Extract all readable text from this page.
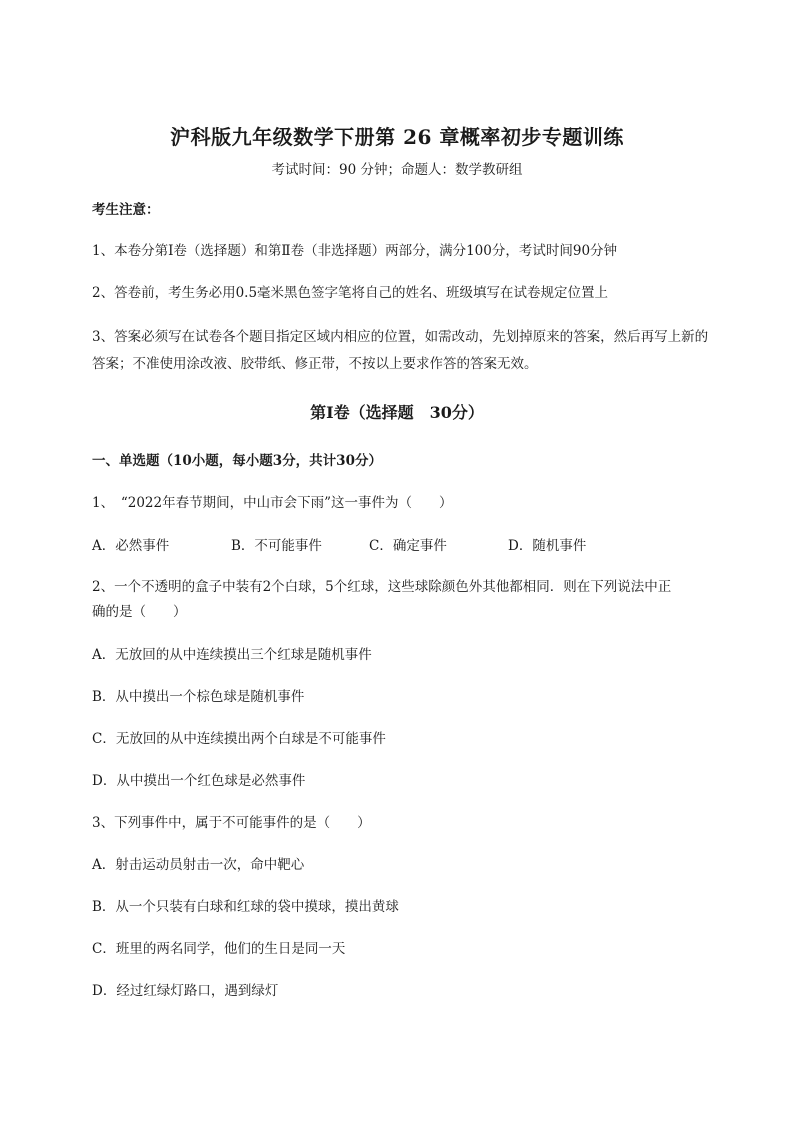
沪科版九年级数学下册第 26 章概率初步专题训练
考试时间：90 分钟；命题人：数学教研组
考生注意：
1、本卷分第Ⅰ卷（选择题）和第Ⅱ卷（非选择题）两部分，满分100分，考试时间90分钟
2、答卷前，考生务必用0.5毫米黑色签字笔将自己的姓名、班级填写在试卷规定位置上
3、答案必须写在试卷各个题目指定区域内相应的位置，如需改动，先划掉原来的答案，然后再写上新的答案；不准使用涂改液、胶带纸、修正带，不按以上要求作答的答案无效。
第Ⅰ卷（选择题　30分）
一、单选题（10小题，每小题3分，共计30分）
1、　“2022年春节期间，中山市会下雨”这一事件为（　　）
A．必然事件	B．不可能事件	C．确定事件	D．随机事件
2、一个不透明的盒子中装有2个白球，5个红球，这些球除颜色外其他都相同．则在下列说法中正
确的是（　　）
A．无放回的从中连续摸出三个红球是随机事件
B．从中摸出一个棕色球是随机事件
C．无放回的从中连续摸出两个白球是不可能事件
D．从中摸出一个红色球是必然事件
3、下列事件中，属于不可能事件的是（　　）
A．射击运动员射击一次，命中靶心
B．从一个只装有白球和红球的袋中摸球，摸出黄球
C．班里的两名同学，他们的生日是同一天
D．经过红绿灯路口，遇到绿灯
